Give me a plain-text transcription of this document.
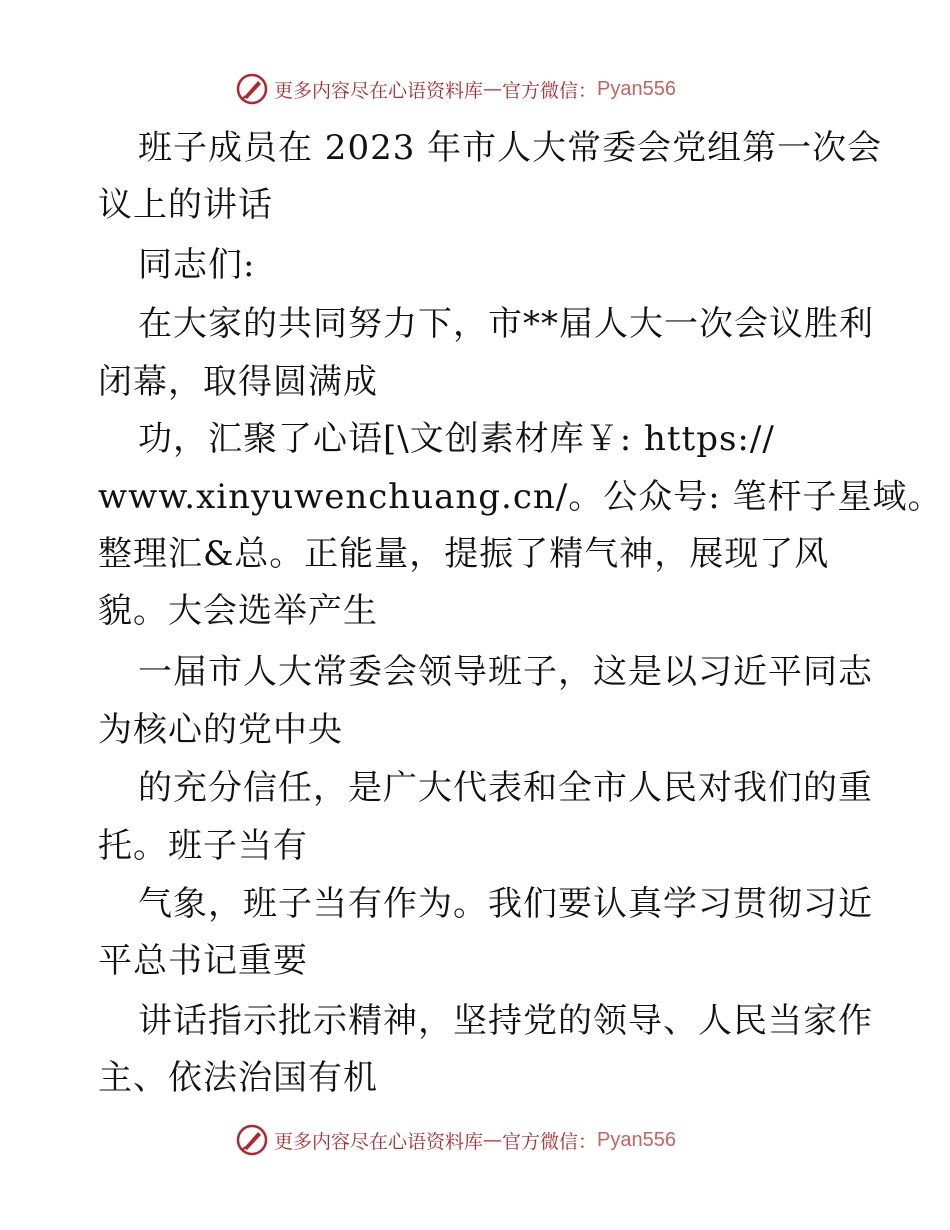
更多内容尽在心语资料库 — 官方微信： Pyan556
班子成员在 2023 年市人大常委会党组第一次会
议上的讲话
同志们:
在大家的共同努力下，市**届人大一次会议胜利
闭幕，取得圆满成
功，汇聚了心语[\文创素材库￥: https://
www.xinyuwenchuang.cn/。公众号: 笔杆子星域。
整理汇&总。正能量，提振了精气神，展现了风
貌。大会选举产生
一届市人大常委会领导班子，这是以习近平同志
为核心的党中央
的充分信任，是广大代表和全市人民对我们的重
托。班子当有
气象，班子当有作为。我们要认真学习贯彻习近
平总书记重要
讲话指示批示精神，坚持党的领导、人民当家作
主、依法治国有机
更多内容尽在心语资料库 — 官方微信： Pyan556
